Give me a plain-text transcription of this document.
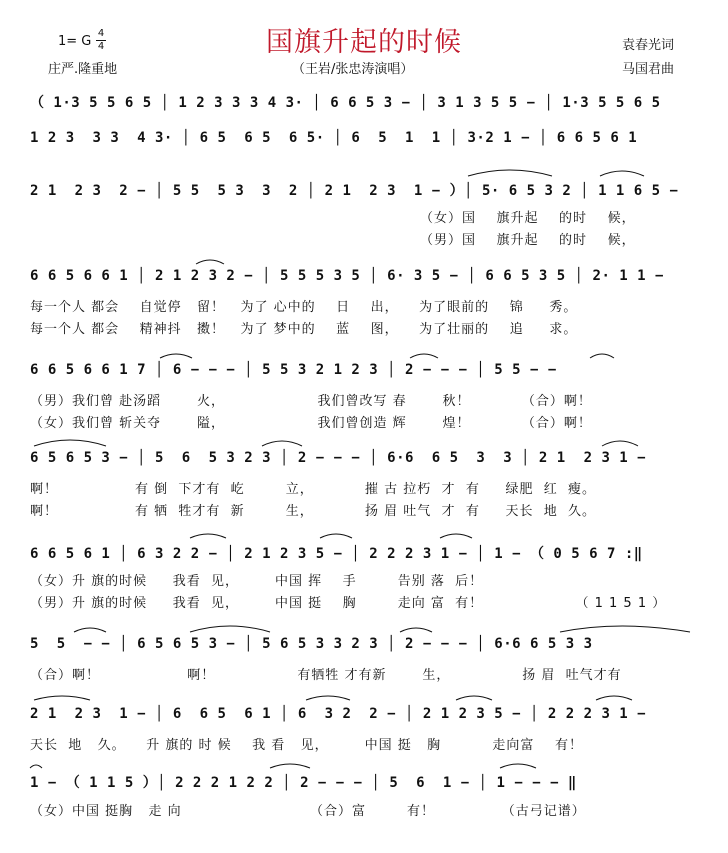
国旗升起的时候
1= G
4
4
庄严.隆重地	（王岩/张忠涛演唱）
袁春光词
马国君曲
（ 1·3 5 5 6 5 │ 1 2 3 3 3 4 3· │ 6 6 5 3 − │ 3 1 3 5 5 − │ 1·3 5 5 6 5
1 2 3  3 3  4 3· │ 6 5  6 5  6 5· │ 6  5  1  1 │ 3·2 1 − │ 6 6 5 6 1
2 1  2 3  2 − │ 5 5  5 3  3  2 │ 2 1  2 3  1 − ）│ 5· 6 5 3 2 │ 1 1 6 5 −
6 6 5 6 6 1 │ 2 1 2 3 2 − │ 5 5 5 3 5 │ 6· 3 5 − │ 6 6 5 3 5 │ 2· 1 1 −
6 6 5 6 6 1 7 │ 6 − − − │ 5 5 3 2 1 2 3 │ 2 − − − │ 5 5 − −
6 5 6 5 3 − │ 5  6  5 3 2 3 │ 2 − − − │ 6·6  6 5  3  3 │ 2 1  2 3 1 −
6 6 5 6 1 │ 6 3 2 2 − │ 2 1 2 3 5 − │ 2 2 2 3 1 − │ 1 − （ 0 5 6 7 :‖
5  5  − − │ 6 5 6 5 3 − │ 5 6 5 3 3 2 3 │ 2 − − − │ 6·6 6 5 3 3
2 1  2 3  1 − │ 6  6 5  6 1 │ 6  3 2  2 − │ 2 1 2 3 5 − │ 2 2 2 3 1 −
1 − （ 1 1 5 ）│ 2 2 2 1 2 2 │ 2 − − − │ 5  6  1 − │ 1 − − − ‖
（女）国    旗升起    的时    候，
（男）国    旗升起    的时    候，
每一个人 都会    自觉停   留！   为了 心中的    日    出，    为了眼前的    锦     秀。
每一个人 都会    精神抖   擞！   为了 梦中的    蓝    图，    为了壮丽的    追     求。
（男）我们曾 赴汤蹈       火，                  我们曾改写 春       秋！          （合）啊！
（女）我们曾 斩关夺       隘，                  我们曾创造 辉       煌！          （合）啊！
啊！               有 倒  下才有  屹        立，          摧 古 拉朽  才  有     绿肥  红  瘦。
啊！               有 牺  牲才有  新        生，          扬 眉 吐气  才  有     天长  地  久。
（女）升 旗的时候     我看  见，       中国 挥    手        告别 落  后！
（男）升 旗的时候     我看  见，       中国 挺    胸        走向 富  有！                  （ 1 1 5 1 ）
（合）啊！                 啊！                有牺牲 才有新       生，              扬 眉  吐气才有
天长  地   久。    升 旗的 时 候    我 看   见，       中国 挺   胸          走向富    有！
（女）中国 挺胸   走 向                         （合）富        有！             （古弓记谱）
